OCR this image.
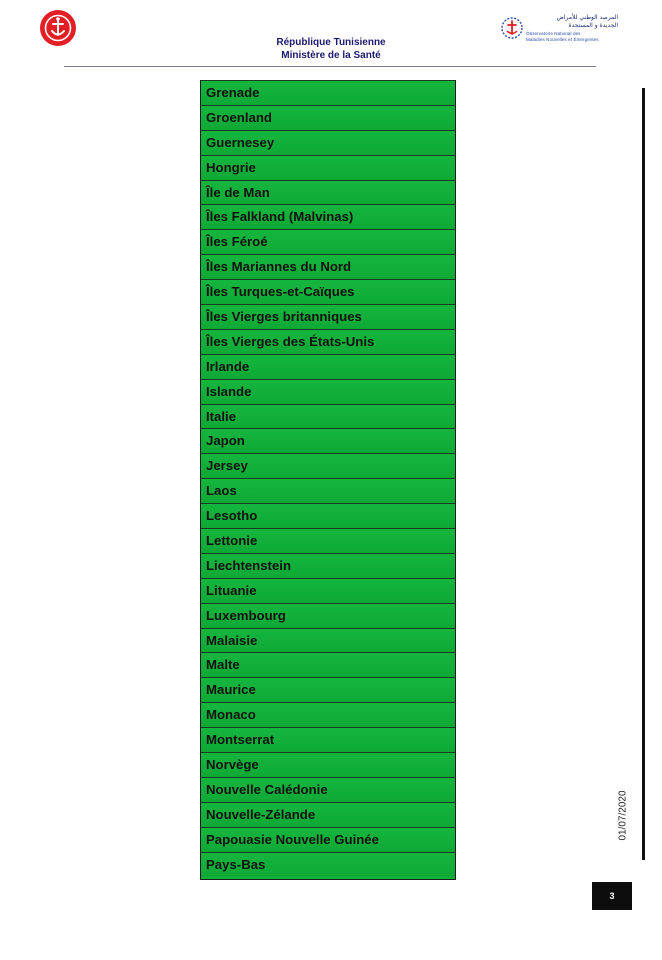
République Tunisienne
Ministère de la Santé
المرصد الوطني للأمراض
الجديدة و المستجدة
Observatoire National des
Maladies Nouvelles et Émergentes
Grenade
Groenland
Guernesey
Hongrie
Île de Man
Îles Falkland (Malvinas)
Îles Féroé
Îles Mariannes du Nord
Îles Turques-et-Caïques
Îles Vierges britanniques
Îles Vierges des États-Unis
Irlande
Islande
Italie
Japon
Jersey
Laos
Lesotho
Lettonie
Liechtenstein
Lituanie
Luxembourg
Malaisie
Malte
Maurice
Monaco
Montserrat
Norvège
Nouvelle Calédonie
Nouvelle-Zélande
Papouasie Nouvelle Guinée
Pays-Bas
01/07/2020
3
